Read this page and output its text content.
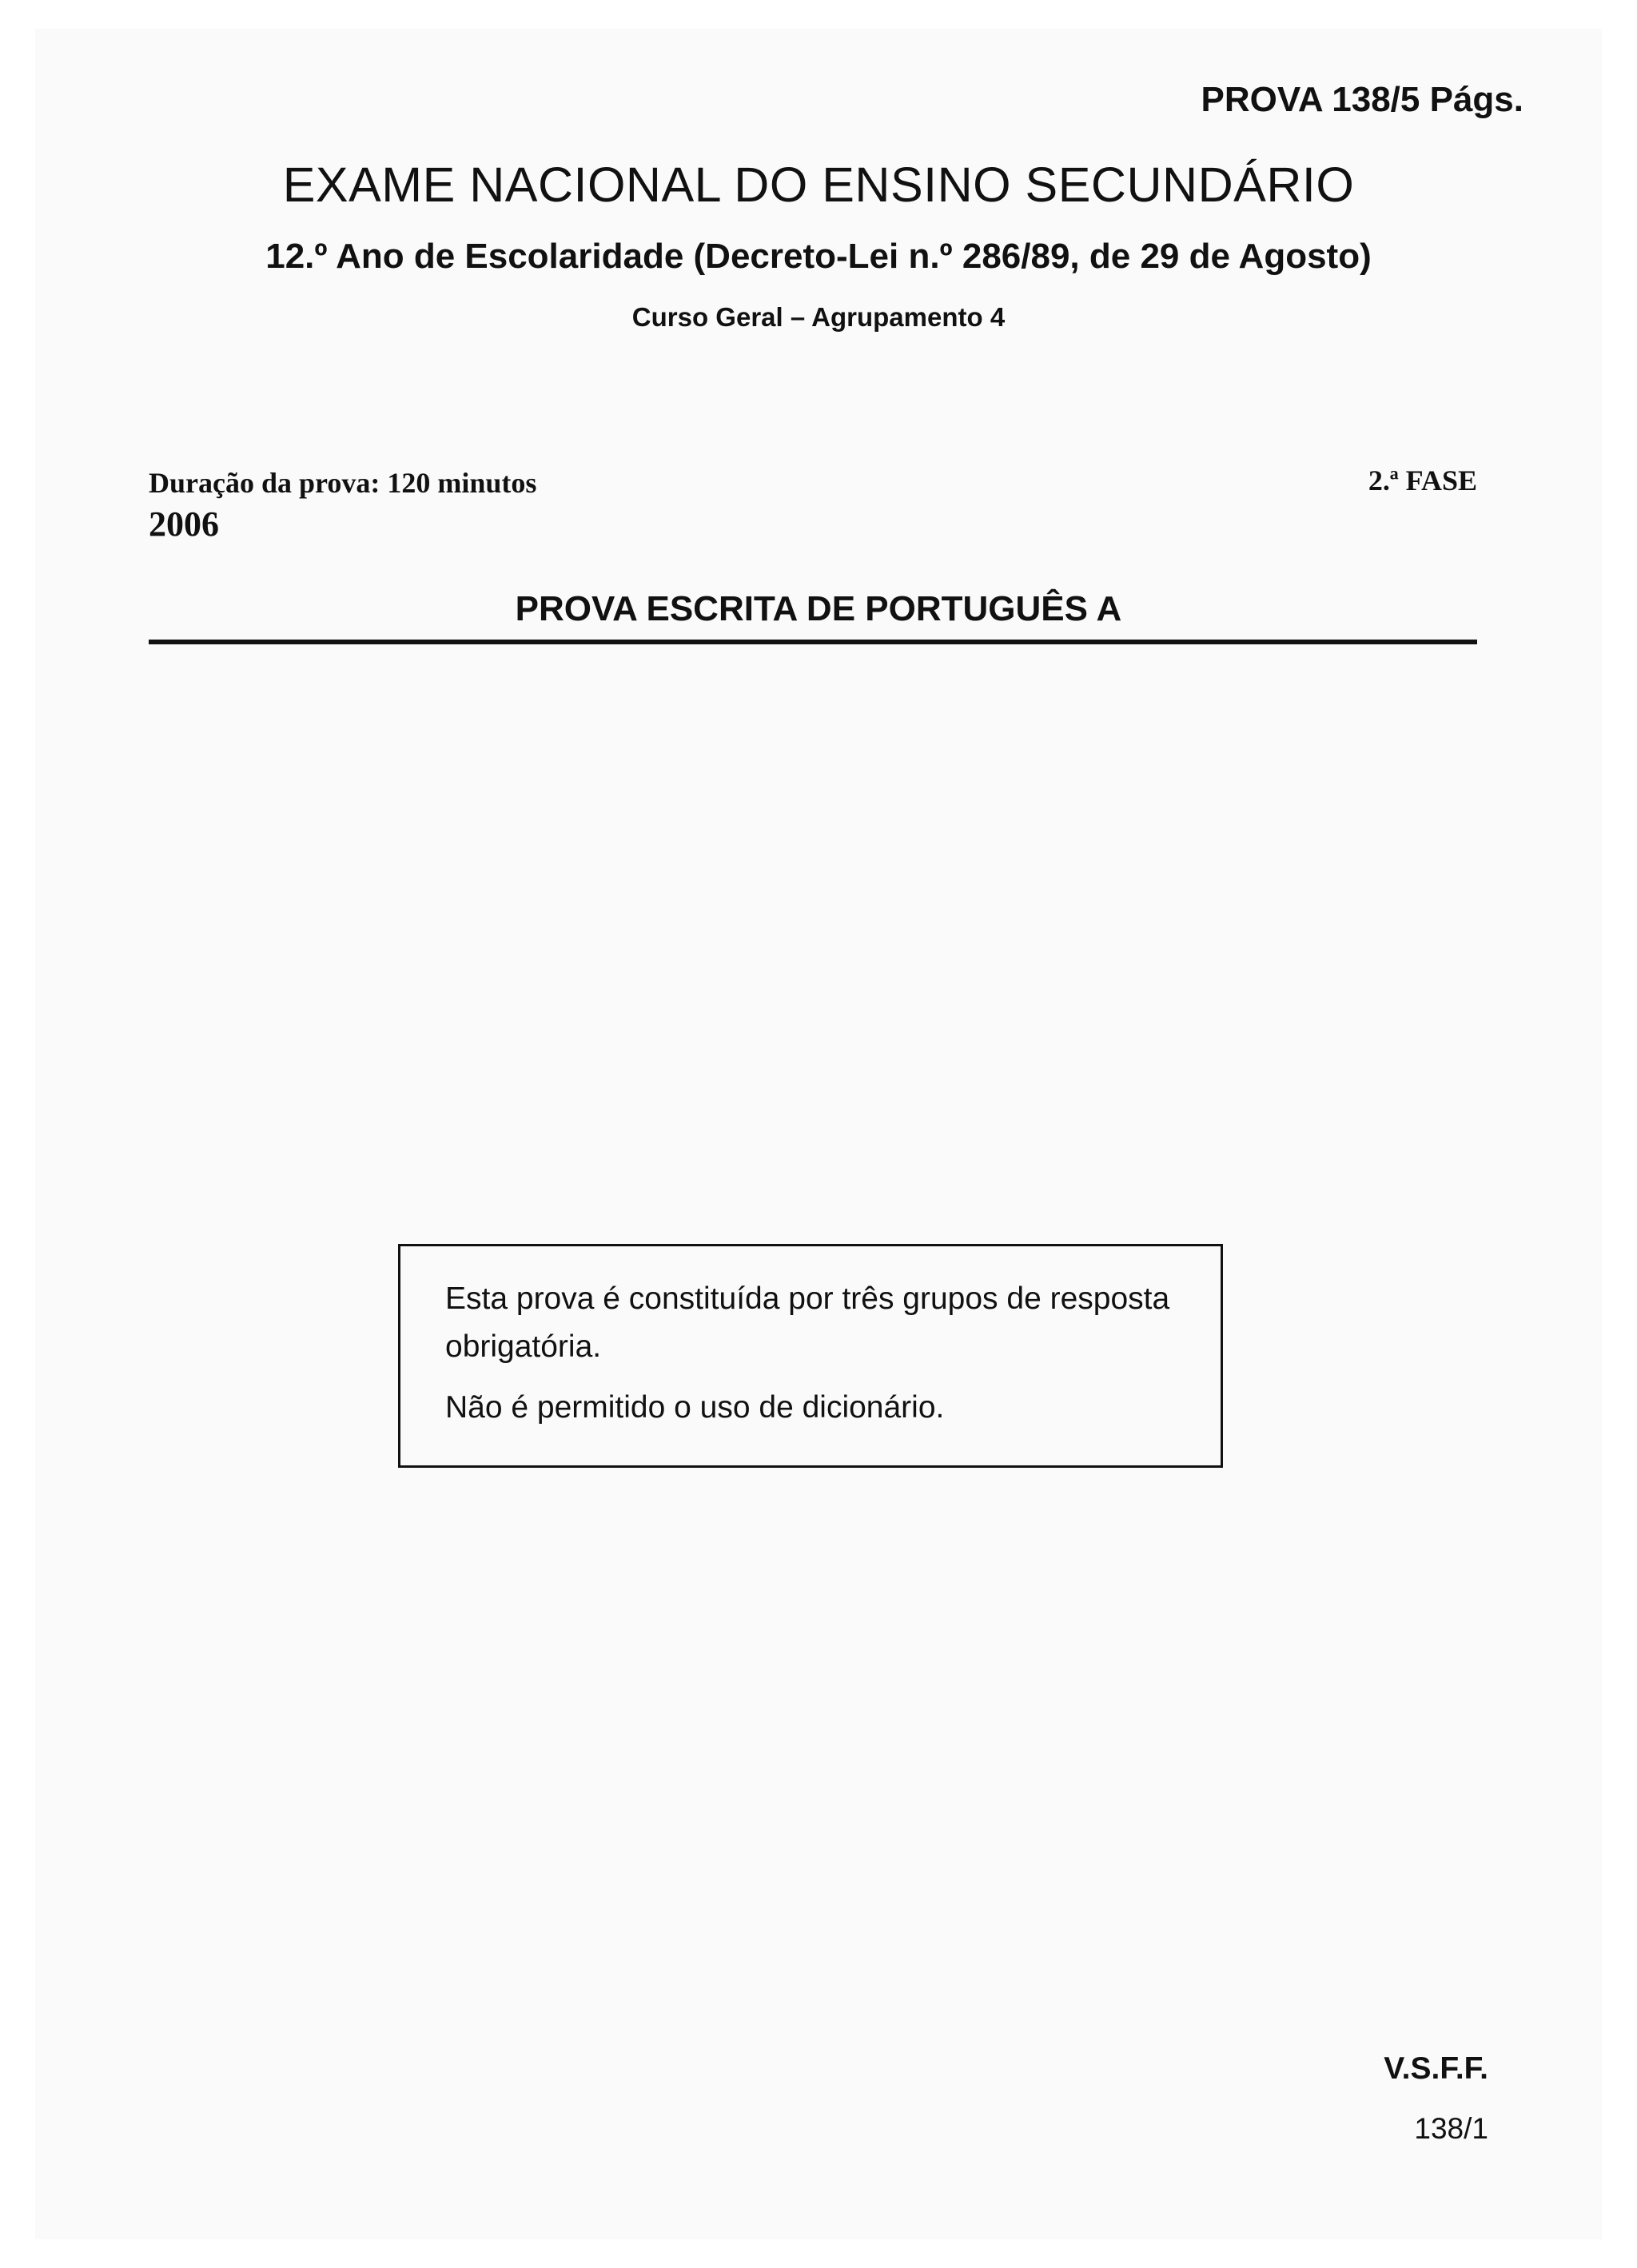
PROVA 138/5 Págs.
EXAME NACIONAL DO ENSINO SECUNDÁRIO
12.º Ano de Escolaridade (Decreto-Lei n.º 286/89, de 29 de Agosto)
Curso Geral – Agrupamento 4
Duração da prova: 120 minutos
2006
2.ª FASE
PROVA ESCRITA DE PORTUGUÊS A
Esta prova é constituída por três grupos de resposta
obrigatória.
Não é permitido o uso de dicionário.
V.S.F.F.
138/1
